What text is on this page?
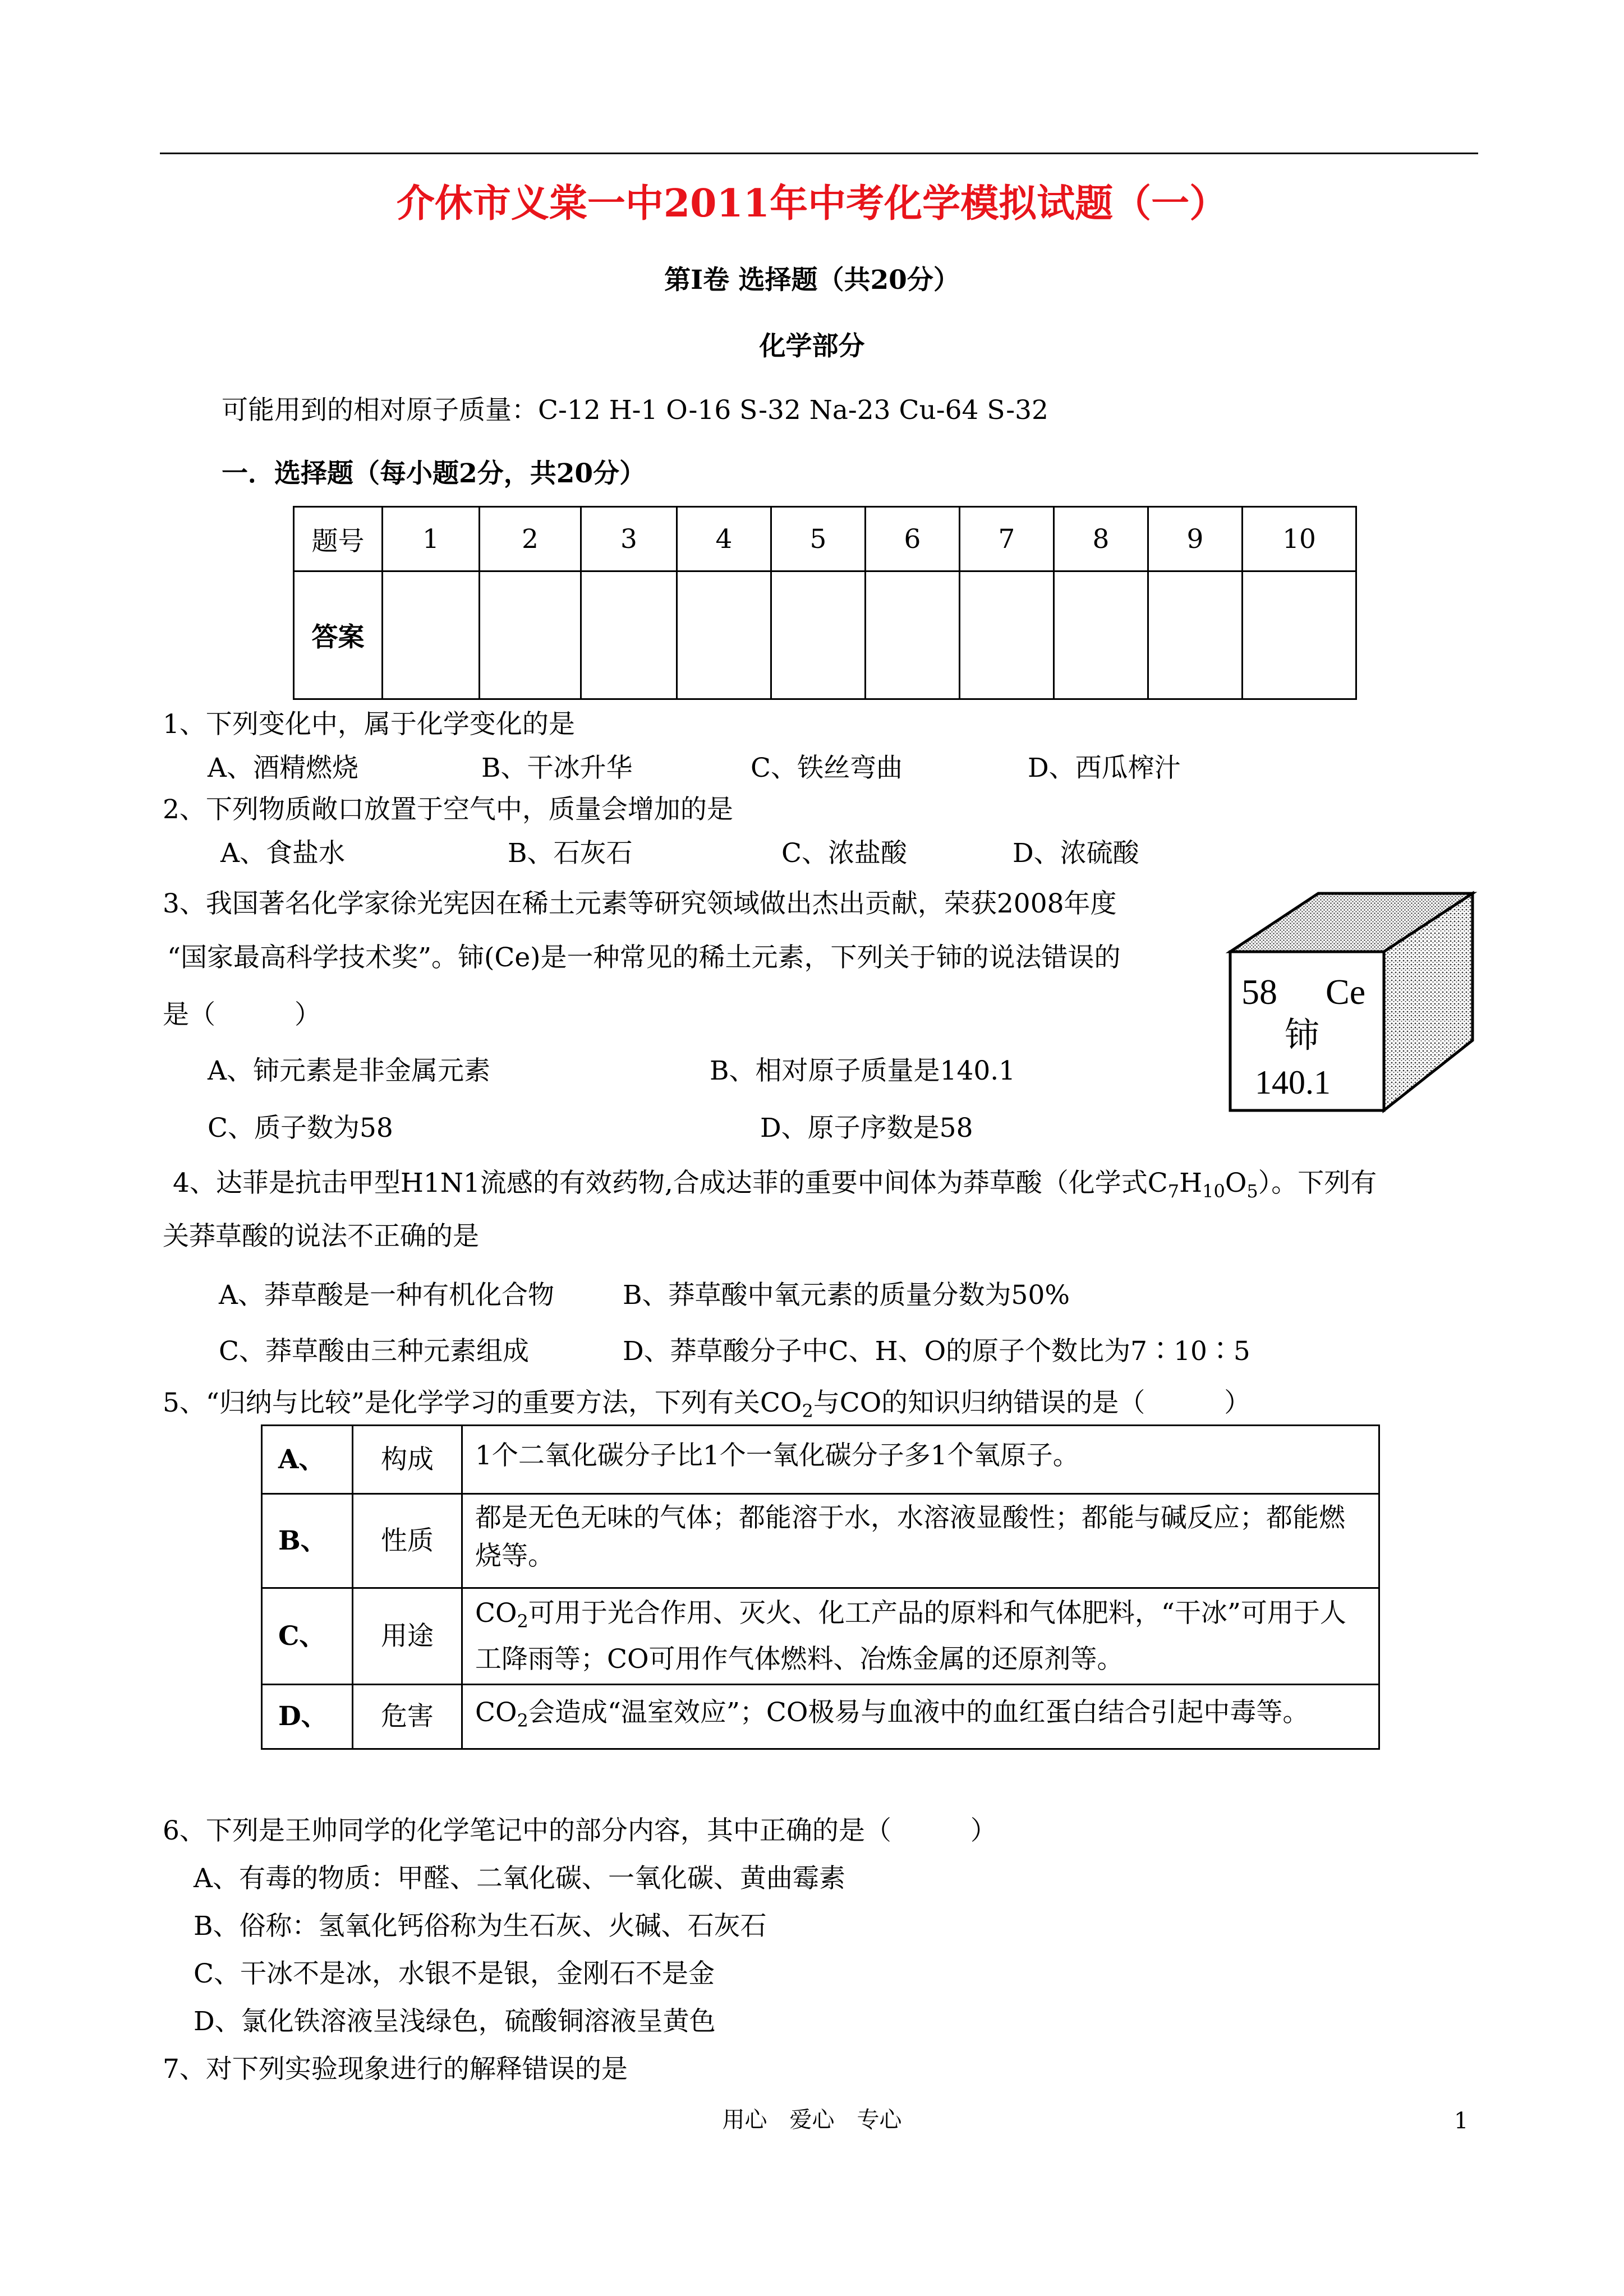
介休市义棠一中2011年中考化学模拟试题（一）
第Ⅰ卷 选择题（共20分）
化学部分
可能用到的相对原子质量：C-12 H-1 O-16 S-32 Na-23 Cu-64 S-32
一．选择题（每小题2分，共20分）
题号	1	2	3	4	5	6	7	8	9	10
答案										
1、下列变化中，属于化学变化的是
A、酒精燃烧	B、干冰升华	C、铁丝弯曲	D、西瓜榨汁
2、下列物质敞口放置于空气中，质量会增加的是
A、食盐水	B、石灰石	C、浓盐酸	D、浓硫酸
3、我国著名化学家徐光宪因在稀土元素等研究领域做出杰出贡献，荣获2008年度
“国家最高科学技术奖”。铈(Ce)是一种常见的稀土元素，下列关于铈的说法错误的
是（　　　）
A、铈元素是非金属元素	B、相对原子质量是140.1
C、质子数为58	D、原子序数是58
58 Ce
铈
140.1
4、达菲是抗击甲型H1N1流感的有效药物,合成达菲的重要中间体为莽草酸（化学式$C_7H_{10}O_5$）。下列有
关莽草酸的说法不正确的是
A、莽草酸是一种有机化合物	B、莽草酸中氧元素的质量分数为50%
C、莽草酸由三种元素组成	D、莽草酸分子中C、H、O的原子个数比为7∶10∶5
5、“归纳与比较”是化学学习的重要方法，下列有关$CO_2$与CO的知识归纳错误的是（　　　）
A、	构成	1个二氧化碳分子比1个一氧化碳分子多1个氧原子。
B、	性质	都是无色无味的气体；都能溶于水，水溶液显酸性；都能与碱反应；都能燃烧等。
C、	用途	$CO_2$可用于光合作用、灭火、化工产品的原料和气体肥料，“干冰”可用于人工降雨等；CO可用作气体燃料、冶炼金属的还原剂等。
D、	危害	$CO_2$会造成“温室效应”；CO极易与血液中的血红蛋白结合引起中毒等。
6、下列是王帅同学的化学笔记中的部分内容，其中正确的是（　　　）
A、有毒的物质：甲醛、二氧化碳、一氧化碳、黄曲霉素
B、俗称：氢氧化钙俗称为生石灰、火碱、石灰石
C、干冰不是冰，水银不是银，金刚石不是金
D、氯化铁溶液呈浅绿色，硫酸铜溶液呈黄色
7、对下列实验现象进行的解释错误的是
用心　爱心　专心	1
